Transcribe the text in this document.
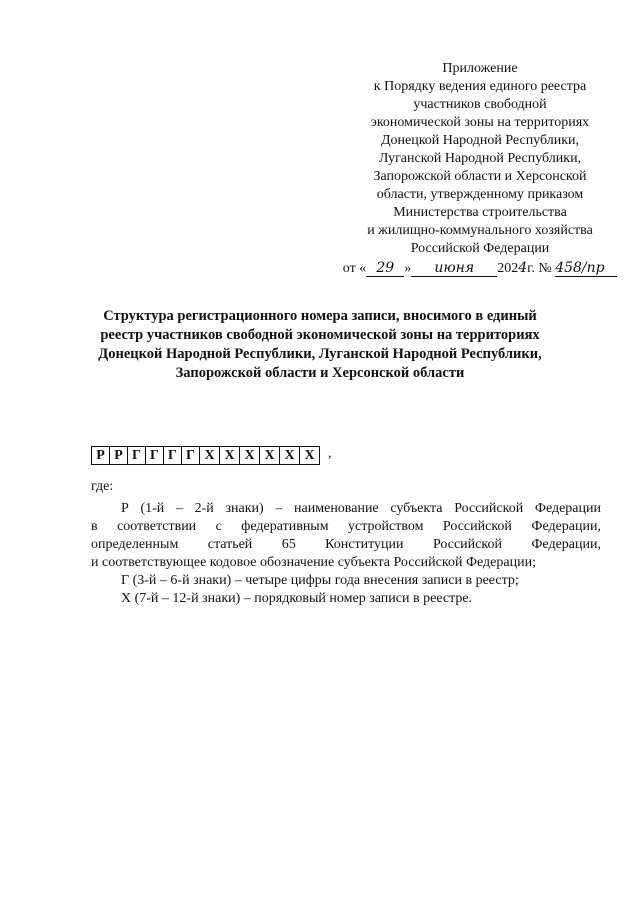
Приложение
к Порядку ведения единого реестра
участников свободной
экономической зоны на территориях
Донецкой Народной Республики,
Луганской Народной Республики,
Запорожской области и Херсонской
области, утвержденному приказом
Министерства строительства
и жилищно-коммунального хозяйства
Российской Федерации
от « 29 » июня 2024г. № 458/пр
Структура регистрационного номера записи, вносимого в единый
реестр участников свободной экономической зоны на территориях
Донецкой Народной Республики, Луганской Народной Республики,
Запорожской области и Херсонской области
Р Р Г Г Г Г Х Х Х Х Х Х ,
где:
Р (1-й – 2-й знаки) – наименование субъекта Российской Федерации
в соответствии с федеративным устройством Российской Федерации,
определенным статьей 65 Конституции Российской Федерации,
и соответствующее кодовое обозначение субъекта Российской Федерации;
Г (3-й – 6-й знаки) – четыре цифры года внесения записи в реестр;
Х (7-й – 12-й знаки) – порядковый номер записи в реестре.
